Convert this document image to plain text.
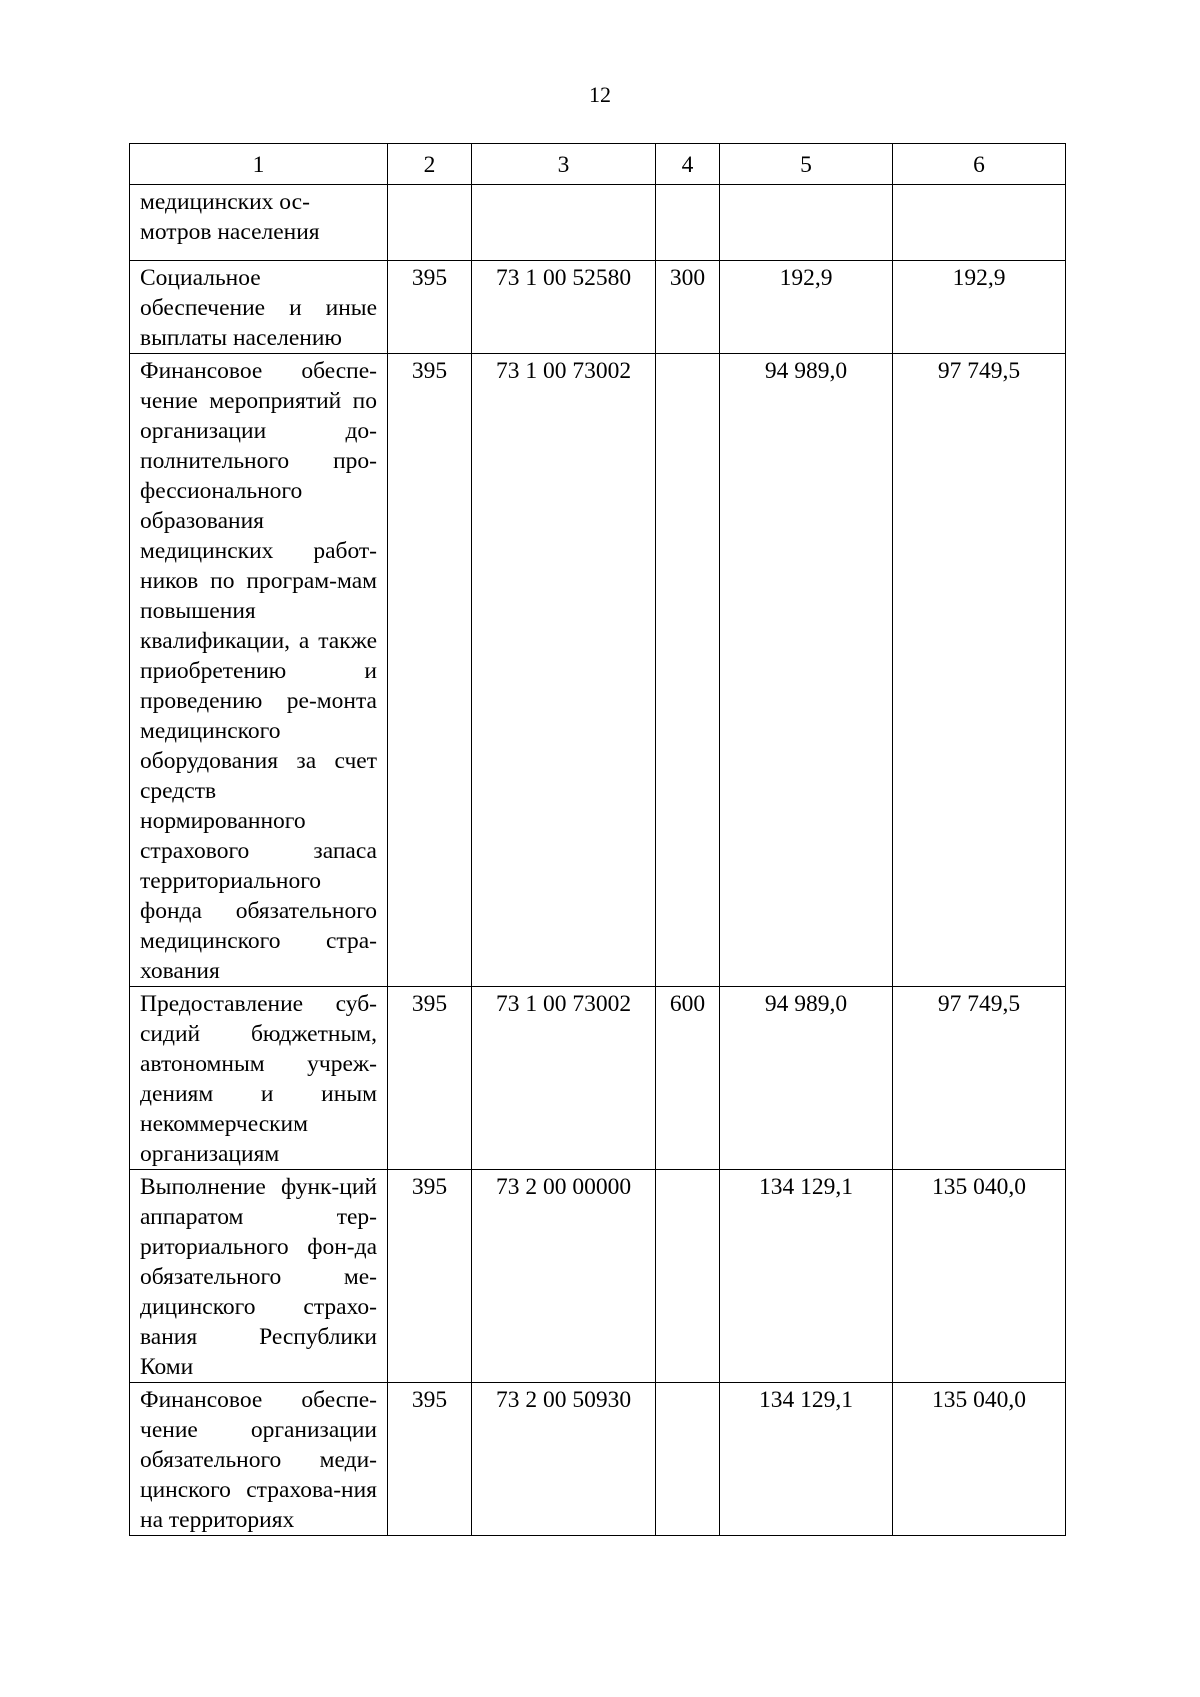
12
1	2	3	4	5	6

медицинских ос-
мотров населения					

Социальное обеспечение и иные выплаты населению	395	73 1 00 52580	300	192,9	192,9
Финансовое обеспе-чение мероприятий по организации до-полнительного про-фессионального образования медицинских работ-ников по програм-мам повышения квалификации, а также приобретению и проведению ре-монта медицинского оборудования за счет средств нормированного страхового запаса территориального фонда обязательного медицинского стра-хования	395	73 1 00 73002		94 989,0	97 749,5
Предоставление суб-сидий бюджетным, автономным учреж-дениям и иным некоммерческим организациям	395	73 1 00 73002	600	94 989,0	97 749,5
Выполнение функ-ций аппаратом тер-риториального фон-да обязательного ме-дицинского страхо-вания Республики Коми	395	73 2 00 00000		134 129,1	135 040,0
Финансовое обеспе-чение организации обязательного меди-цинского страхова-ния на территориях	395	73 2 00 50930		134 129,1	135 040,0
